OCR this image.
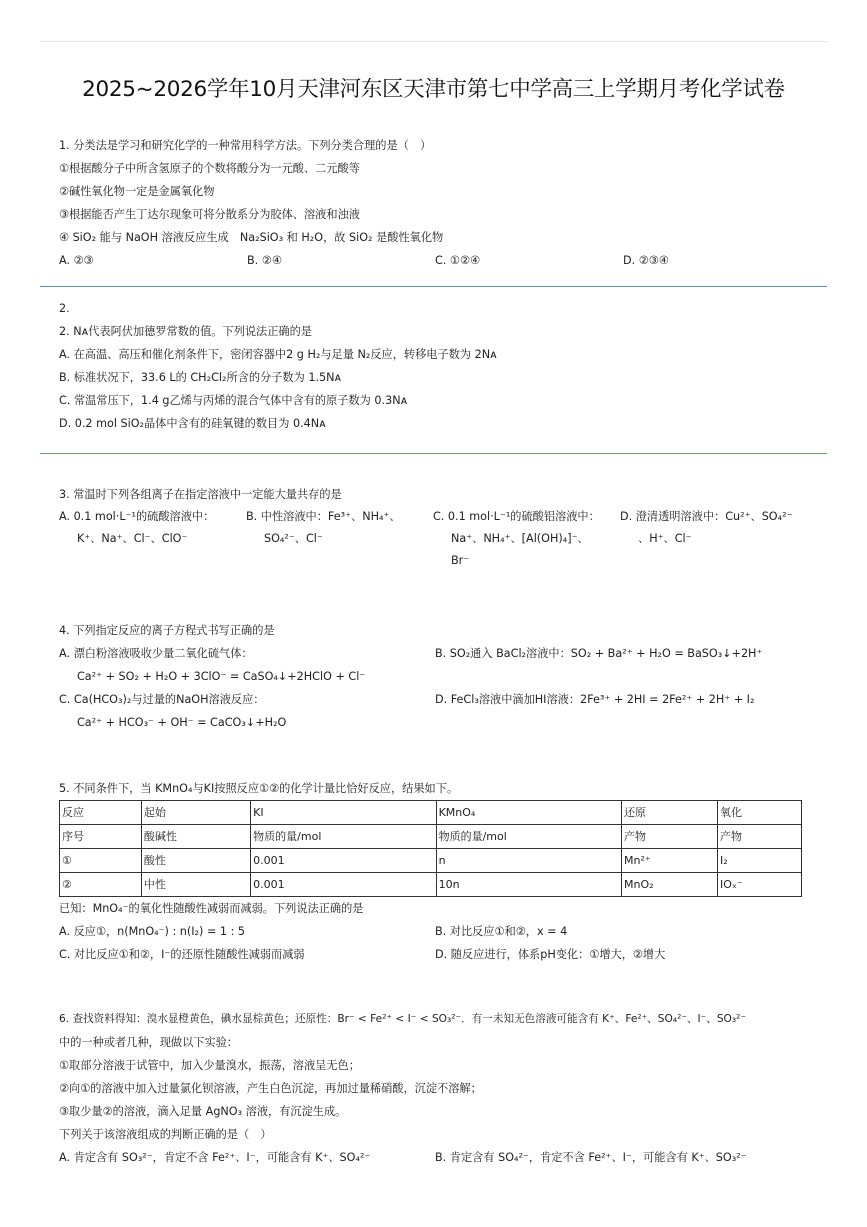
2025~2026学年10月天津河东区天津市第七中学高三上学期月考化学试卷
1. 分类法是学习和研究化学的一种常用科学方法。下列分类合理的是（　）
①根据酸分子中所含氢原子的个数将酸分为一元酸、二元酸等
②碱性氧化物一定是金属氧化物
③根据能否产生丁达尔现象可将分散系分为胶体、溶液和浊液
④ SiO₂ 能与 NaOH 溶液反应生成　Na₂SiO₃ 和 H₂O，故 SiO₂ 是酸性氧化物
A. ②③	B. ②④	C. ①②④	D. ②③④
2.
2. Nᴀ代表阿伏加德罗常数的值。下列说法正确的是
A. 在高温、高压和催化剂条件下，密闭容器中2 g H₂与足量 N₂反应，转移电子数为 2Nᴀ
B. 标准状况下，33.6 L的 CH₂Cl₂所含的分子数为 1.5Nᴀ
C. 常温常压下，1.4 g乙烯与丙烯的混合气体中含有的原子数为 0.3Nᴀ
D. 0.2 mol SiO₂晶体中含有的硅氧键的数目为 0.4Nᴀ
3. 常温时下列各组离子在指定溶液中一定能大量共存的是
A. 0.1 mol·L⁻¹的硫酸溶液中：
K⁺、Na⁺、Cl⁻、ClO⁻
B. 中性溶液中：Fe³⁺、NH₄⁺、
SO₄²⁻、Cl⁻
C. 0.1 mol·L⁻¹的硫酸铝溶液中：
Na⁺、NH₄⁺、[Al(OH)₄]⁻、
Br⁻
D. 澄清透明溶液中：Cu²⁺、SO₄²⁻
、H⁺、Cl⁻
4. 下列指定反应的离子方程式书写正确的是
A. 漂白粉溶液吸收少量二氧化硫气体：
Ca²⁺ + SO₂ + H₂O + 3ClO⁻ = CaSO₄↓+2HClO + Cl⁻
B. SO₂通入 BaCl₂溶液中：SO₂ + Ba²⁺ + H₂O = BaSO₃↓+2H⁺
C. Ca(HCO₃)₂与过量的NaOH溶液反应：
Ca²⁺ + HCO₃⁻ + OH⁻ = CaCO₃↓+H₂O
D. FeCl₃溶液中滴加HI溶液：2Fe³⁺ + 2HI = 2Fe²⁺ + 2H⁺ + I₂
5. 不同条件下，当 KMnO₄与KI按照反应①②的化学计量比恰好反应，结果如下。
反应	起始	KI	KMnO₄	还原	氧化
序号	酸碱性	物质的量/mol	物质的量/mol	产物	产物
①	酸性	0.001	n	Mn²⁺	I₂
②	中性	0.001	10n	MnO₂	IOₓ⁻
已知：MnO₄⁻的氧化性随酸性减弱而减弱。下列说法正确的是
A. 反应①，n(MnO₄⁻) : n(I₂) = 1 : 5	B. 对比反应①和②，x = 4
C. 对比反应①和②，I⁻的还原性随酸性减弱而减弱	D. 随反应进行，体系pH变化：①增大，②增大
6. 查找资料得知：溴水显橙黄色，碘水显棕黄色；还原性：Br⁻ < Fe²⁺ < I⁻ < SO₃²⁻．有一未知无色溶液可能含有 K⁺、Fe²⁺、SO₄²⁻、I⁻、SO₃²⁻
中的一种或者几种，现做以下实验：
①取部分溶液于试管中，加入少量溴水，振荡，溶液呈无色；
②向①的溶液中加入过量氯化钡溶液，产生白色沉淀，再加过量稀硝酸，沉淀不溶解；
③取少量②的溶液，滴入足量 AgNO₃ 溶液，有沉淀生成。
下列关于该溶液组成的判断正确的是（　）
A. 肯定含有 SO₃²⁻，肯定不含 Fe²⁺、I⁻，可能含有 K⁺、SO₄²⁻	B. 肯定含有 SO₄²⁻，肯定不含 Fe²⁺、I⁻，可能含有 K⁺、SO₃²⁻
